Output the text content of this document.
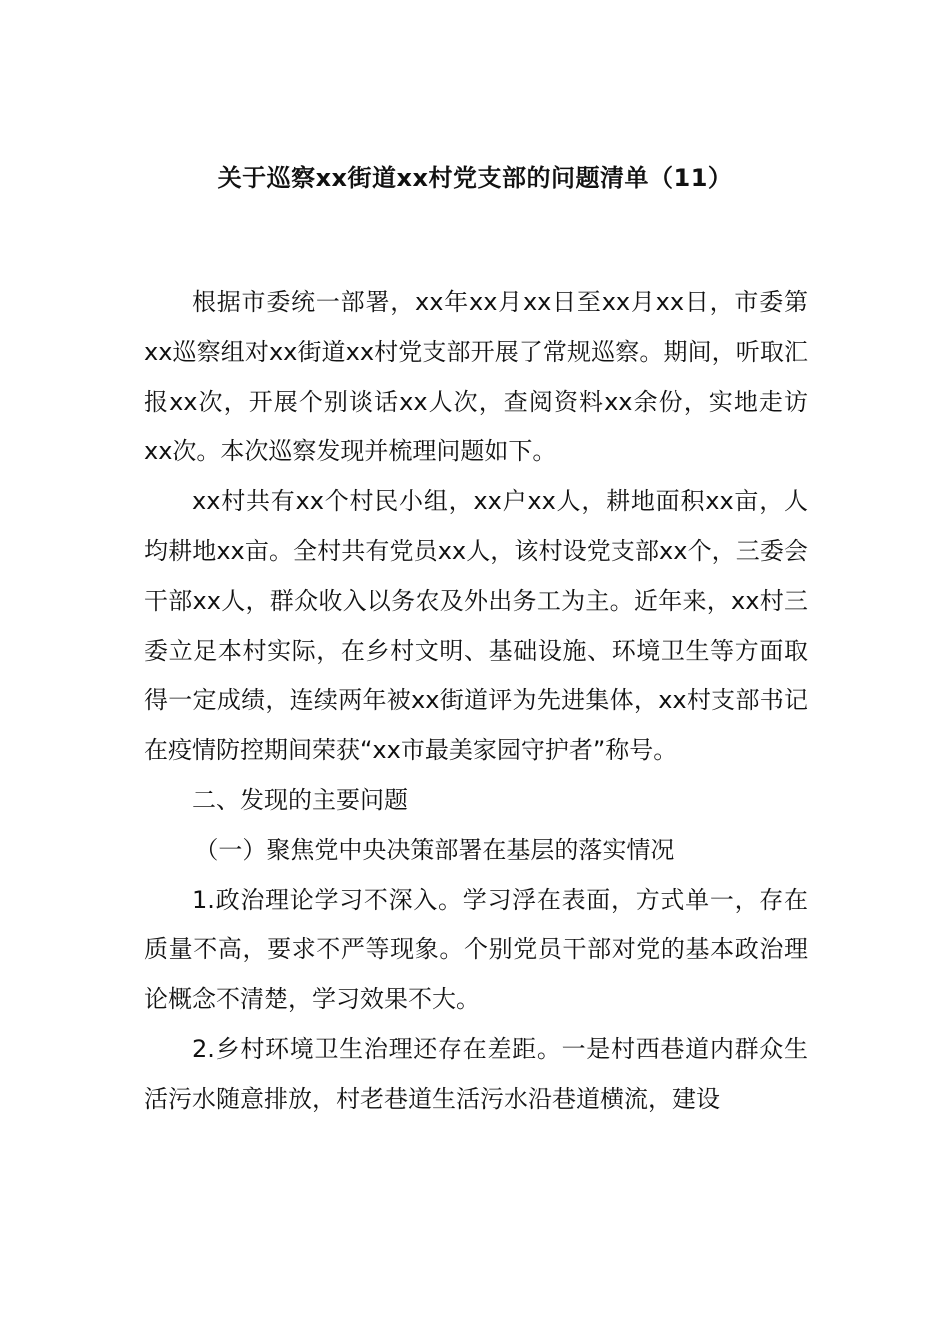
关于巡察xx街道xx村党支部的问题清单（11）

根据市委统一部署，xx年xx月xx日至xx月xx日，市委第xx巡察组对xx街道xx村党支部开展了常规巡察。期间，听取汇报xx次，开展个别谈话xx人次，查阅资料xx余份，实地走访xx次。本次巡察发现并梳理问题如下。

xx村共有xx个村民小组，xx户xx人，耕地面积xx亩，人均耕地xx亩。全村共有党员xx人，该村设党支部xx个，三委会干部xx人，群众收入以务农及外出务工为主。近年来，xx村三委立足本村实际，在乡村文明、基础设施、环境卫生等方面取得一定成绩，连续两年被xx街道评为先进集体，xx村支部书记在疫情防控期间荣获“xx市最美家园守护者”称号。

二、发现的主要问题

（一）聚焦党中央决策部署在基层的落实情况

1.政治理论学习不深入。学习浮在表面，方式单一，存在质量不高，要求不严等现象。个别党员干部对党的基本政治理论概念不清楚，学习效果不大。

2.乡村环境卫生治理还存在差距。一是村西巷道内群众生活污水随意排放，村老巷道生活污水沿巷道横流，建设
